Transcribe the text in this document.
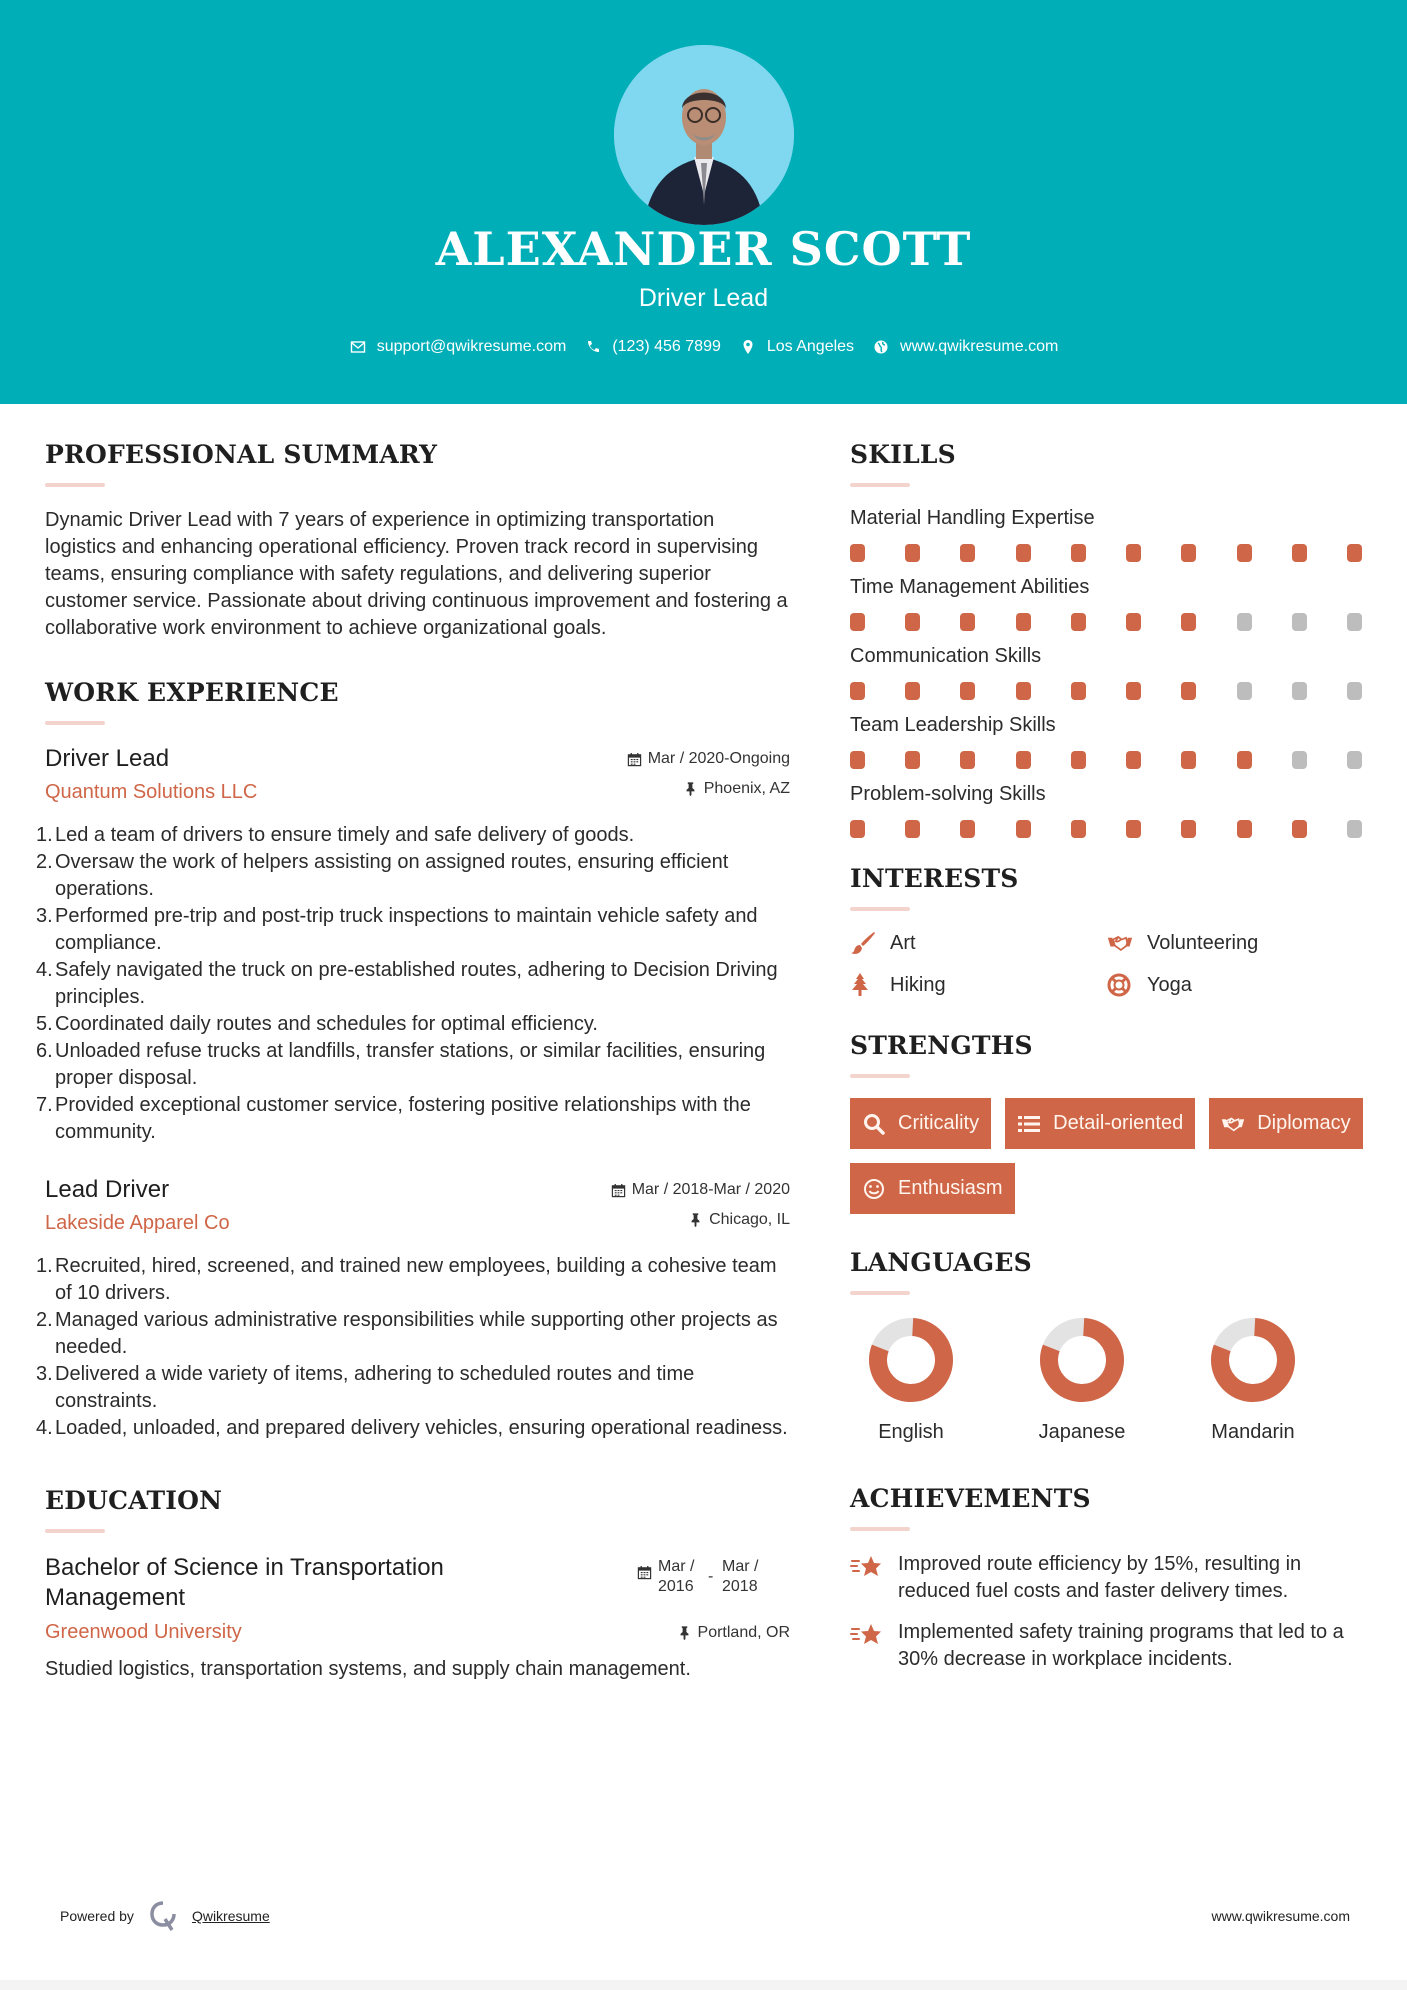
ALEXANDER SCOTT
Driver Lead
support@qwikresume.com	(123) 456 7899	Los Angeles	www.qwikresume.com
PROFESSIONAL SUMMARY
Dynamic Driver Lead with 7 years of experience in optimizing transportation logistics and enhancing operational efficiency. Proven track record in supervising teams, ensuring compliance with safety regulations, and delivering superior customer service. Passionate about driving continuous improvement and fostering a collaborative work environment to achieve organizational goals.
WORK EXPERIENCE
Driver Lead	Mar / 2020-Ongoing
Quantum Solutions LLC	Phoenix, AZ
1. Led a team of drivers to ensure timely and safe delivery of goods.
2. Oversaw the work of helpers assisting on assigned routes, ensuring efficient operations.
3. Performed pre-trip and post-trip truck inspections to maintain vehicle safety and compliance.
4. Safely navigated the truck on pre-established routes, adhering to Decision Driving principles.
5. Coordinated daily routes and schedules for optimal efficiency.
6. Unloaded refuse trucks at landfills, transfer stations, or similar facilities, ensuring proper disposal.
7. Provided exceptional customer service, fostering positive relationships with the community.
Lead Driver	Mar / 2018-Mar / 2020
Lakeside Apparel Co	Chicago, IL
1. Recruited, hired, screened, and trained new employees, building a cohesive team of 10 drivers.
2. Managed various administrative responsibilities while supporting other projects as needed.
3. Delivered a wide variety of items, adhering to scheduled routes and time constraints.
4. Loaded, unloaded, and prepared delivery vehicles, ensuring operational readiness.
EDUCATION
Bachelor of Science in Transportation Management
Mar / 2016
-
Mar / 2018
Greenwood University	Portland, OR
Studied logistics, transportation systems, and supply chain management.
SKILLS
Material Handling Expertise
Time Management Abilities
Communication Skills
Team Leadership Skills
Problem-solving Skills
INTERESTS
Art	Volunteering
Hiking	Yoga
STRENGTHS
Criticality	Detail-oriented	Diplomacy
Enthusiasm
LANGUAGES
English	Japanese	Mandarin
ACHIEVEMENTS
Improved route efficiency by 15%, resulting in reduced fuel costs and faster delivery times.
Implemented safety training programs that led to a 30% decrease in workplace incidents.
Powered by	Qwikresume	www.qwikresume.com
